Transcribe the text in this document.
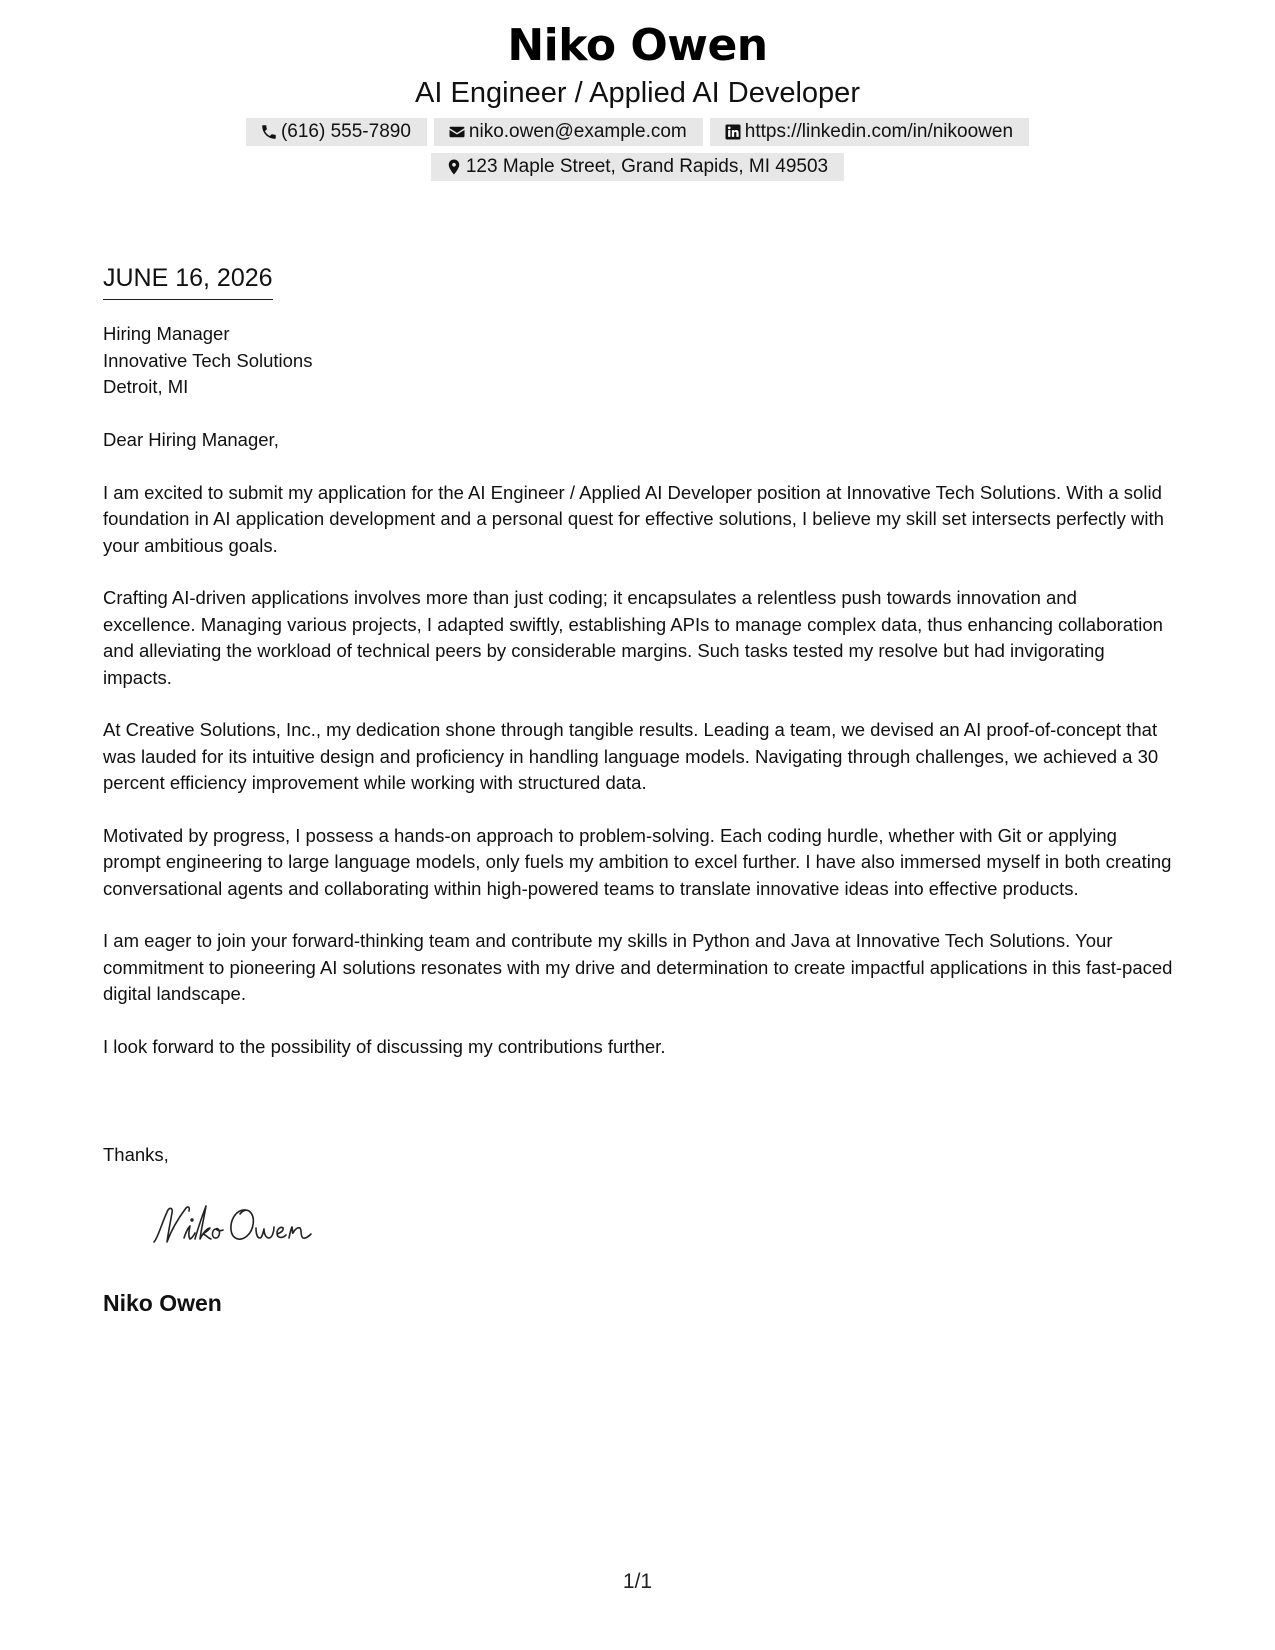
Niko Owen
AI Engineer / Applied AI Developer
(616) 555-7890	niko.owen@example.com	https://linkedin.com/in/nikoowen
123 Maple Street, Grand Rapids, MI 49503
JUNE 16, 2026
Hiring Manager
Innovative Tech Solutions
Detroit, MI

Dear Hiring Manager,

I am excited to submit my application for the AI Engineer / Applied AI Developer position at Innovative Tech Solutions. With a solid foundation in AI application development and a personal quest for effective solutions, I believe my skill set intersects perfectly with your ambitious goals.

Crafting AI-driven applications involves more than just coding; it encapsulates a relentless push towards innovation and excellence. Managing various projects, I adapted swiftly, establishing APIs to manage complex data, thus enhancing collaboration and alleviating the workload of technical peers by considerable margins. Such tasks tested my resolve but had invigorating impacts.

At Creative Solutions, Inc., my dedication shone through tangible results. Leading a team, we devised an AI proof-of-concept that was lauded for its intuitive design and proficiency in handling language models. Navigating through challenges, we achieved a 30 percent efficiency improvement while working with structured data.

Motivated by progress, I possess a hands-on approach to problem-solving. Each coding hurdle, whether with Git or applying prompt engineering to large language models, only fuels my ambition to excel further. I have also immersed myself in both creating conversational agents and collaborating within high-powered teams to translate innovative ideas into effective products.

I am eager to join your forward-thinking team and contribute my skills in Python and Java at Innovative Tech Solutions. Your commitment to pioneering AI solutions resonates with my drive and determination to create impactful applications in this fast-paced digital landscape.

I look forward to the possibility of discussing my contributions further.

Thanks,
Niko Owen
1/1
